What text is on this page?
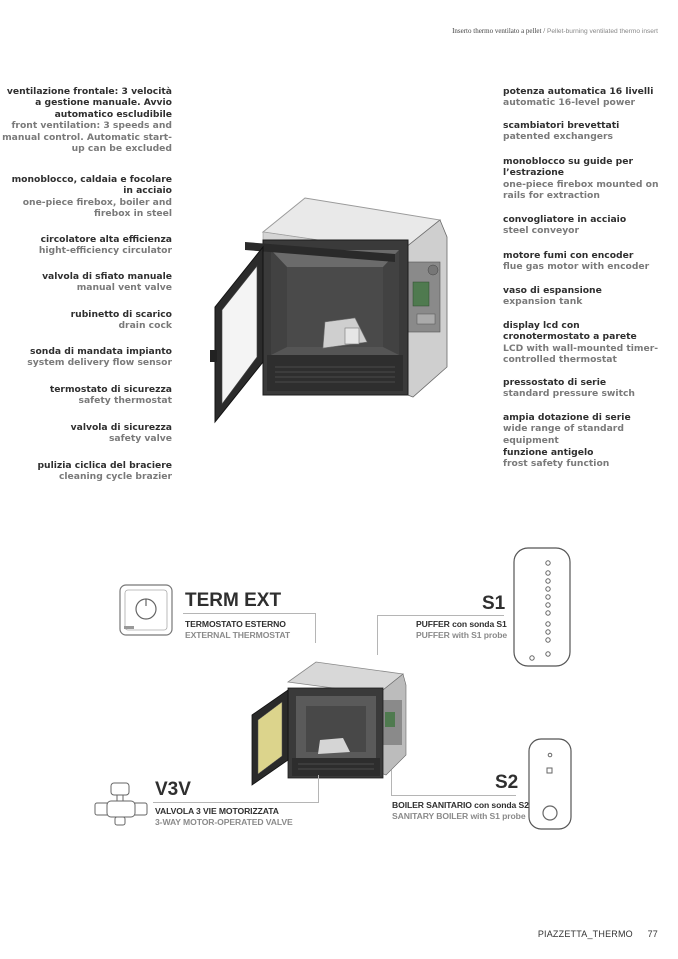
Inserto thermo ventilato a pellet / Pellet-burning ventilated thermo insert
ventilazione frontale: 3 velocità a gestione manuale. Avvio automatico escludibile
front ventilation: 3 speeds and manual control. Automatic start-up can be excluded
monoblocco, caldaia e focolare in acciaio
one-piece firebox, boiler and firebox in steel
circolatore alta efficienza
hight-efficiency circulator
valvola di sfiato manuale
manual vent valve
rubinetto di scarico
drain cock
sonda di mandata impianto
system delivery flow sensor
termostato di sicurezza
safety thermostat
valvola di sicurezza
safety valve
pulizia ciclica del braciere
cleaning cycle brazier
potenza automatica 16 livelli
automatic 16-level power
scambiatori brevettati
patented exchangers
monoblocco su guide per l’estrazione
one-piece firebox mounted on rails for extraction
convogliatore in acciaio
steel conveyor
motore fumi con encoder
flue gas motor with encoder
vaso di espansione
expansion tank
display lcd con cronotermostato a parete
LCD with wall-mounted timer-controlled thermostat
pressostato di serie
standard pressure switch
ampia dotazione di serie
wide range of standard equipment
funzione antigelo
frost safety function
TERM EXT
TERMOSTATO ESTERNO
EXTERNAL THERMOSTAT
S1
PUFFER con sonda S1
PUFFER with S1 probe
V3V
VALVOLA 3 VIE MOTORIZZATA
3-WAY MOTOR-OPERATED VALVE
S2
BOILER SANITARIO con sonda S2
SANITARY BOILER with S1 probe
PIAZZETTA_THERMO 77
